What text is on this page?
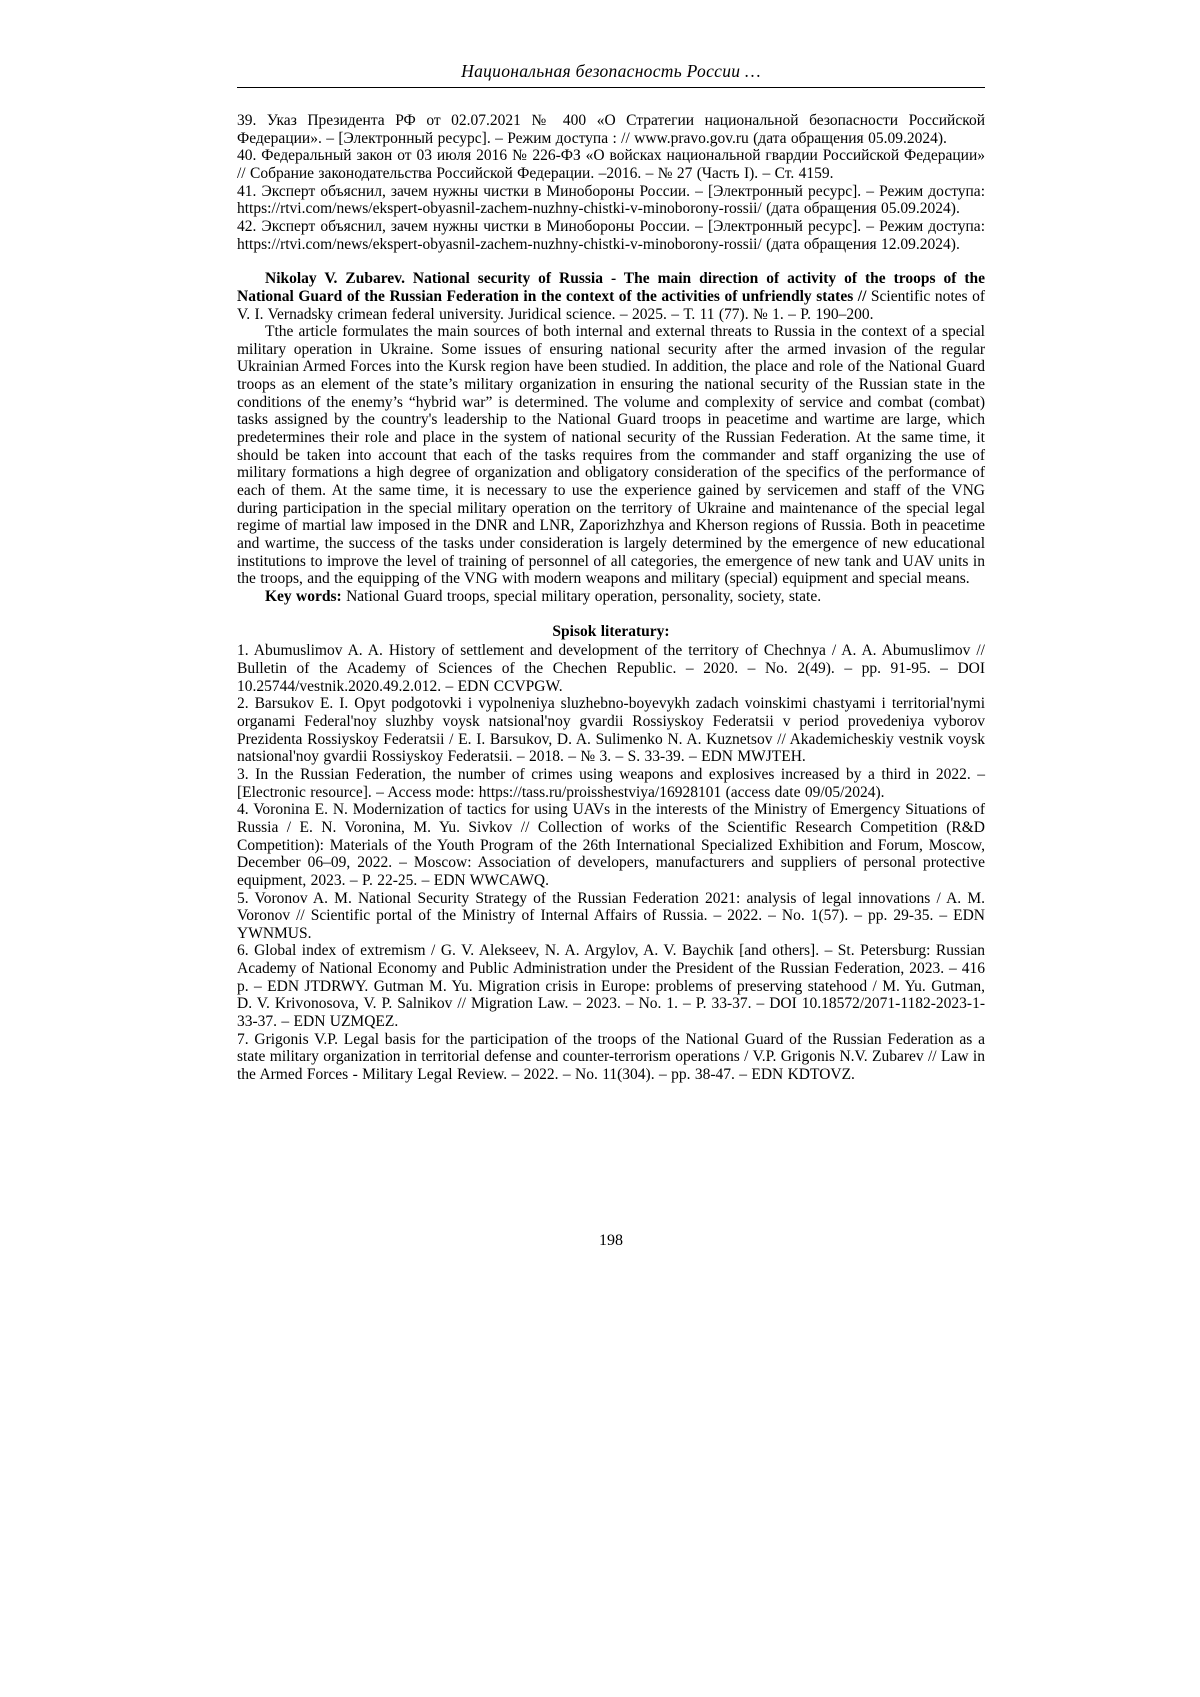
Национальная безопасность России …

39. Указ Президента РФ от 02.07.2021 № 400 «О Стратегии национальной безопасности Российской Федерации». – [Электронный ресурс]. – Режим доступа : // www.pravo.gov.ru (дата обращения 05.09.2024).

40. Федеральный закон от 03 июля 2016 № 226-ФЗ «О войсках национальной гвардии Российской Федерации» // Собрание законодательства Российской Федерации. –2016. – № 27 (Часть I). – Ст. 4159.

41. Эксперт объяснил, зачем нужны чистки в Минобороны России. – [Электронный ресурс]. – Режим доступа: https://rtvi.com/news/ekspert-obyasnil-zachem-nuzhny-chistki-v-minoborony-rossii/ (дата обращения 05.09.2024).

42. Эксперт объяснил, зачем нужны чистки в Минобороны России. – [Электронный ресурс]. – Режим доступа: https://rtvi.com/news/ekspert-obyasnil-zachem-nuzhny-chistki-v-minoborony-rossii/ (дата обращения 12.09.2024).

Nikolay V. Zubarev. National security of Russia - The main direction of activity of the troops of the National Guard of the Russian Federation in the context of the activities of unfriendly states // Scientific notes of V. I. Vernadsky crimean federal university. Juridical science. – 2025. – Т. 11 (77). № 1. – P. 190–200.

Tthe article formulates the main sources of both internal and external threats to Russia in the context of a special military operation in Ukraine. Some issues of ensuring national security after the armed invasion of the regular Ukrainian Armed Forces into the Kursk region have been studied. In addition, the place and role of the National Guard troops as an element of the state’s military organization in ensuring the national security of the Russian state in the conditions of the enemy’s “hybrid war” is determined. The volume and complexity of service and combat (combat) tasks assigned by the country's leadership to the National Guard troops in peacetime and wartime are large, which predetermines their role and place in the system of national security of the Russian Federation. At the same time, it should be taken into account that each of the tasks requires from the commander and staff organizing the use of military formations a high degree of organization and obligatory consideration of the specifics of the performance of each of them. At the same time, it is necessary to use the experience gained by servicemen and staff of the VNG during participation in the special military operation on the territory of Ukraine and maintenance of the special legal regime of martial law imposed in the DNR and LNR, Zaporizhzhya and Kherson regions of Russia. Both in peacetime and wartime, the success of the tasks under consideration is largely determined by the emergence of new educational institutions to improve the level of training of personnel of all categories, the emergence of new tank and UAV units in the troops, and the equipping of the VNG with modern weapons and military (special) equipment and special means.

Key words: National Guard troops, special military operation, personality, society, state.

Spisok literatury:

1. Abumuslimov A. A. History of settlement and development of the territory of Chechnya / A. A. Abumuslimov // Bulletin of the Academy of Sciences of the Chechen Republic. – 2020. – No. 2(49). – pp. 91-95. – DOI 10.25744/vestnik.2020.49.2.012. – EDN CCVPGW.

2. Barsukov E. I. Opyt podgotovki i vypolneniya sluzhebno-boyevykh zadach voinskimi chastyami i territorial'nymi organami Federal'noy sluzhby voysk natsional'noy gvardii Rossiyskoy Federatsii v period provedeniya vyborov Prezidenta Rossiyskoy Federatsii / E. I. Barsukov, D. A. Sulimenko N. A. Kuznetsov // Akademicheskiy vestnik voysk natsional'noy gvardii Rossiyskoy Federatsii. – 2018. – № 3. – S. 33-39. – EDN MWJTEH.

3. In the Russian Federation, the number of crimes using weapons and explosives increased by a third in 2022. – [Electronic resource]. – Access mode: https://tass.ru/proisshestviya/16928101 (access date 09/05/2024).

4. Voronina E. N. Modernization of tactics for using UAVs in the interests of the Ministry of Emergency Situations of Russia / E. N. Voronina, M. Yu. Sivkov // Collection of works of the Scientific Research Competition (R&D Competition): Materials of the Youth Program of the 26th International Specialized Exhibition and Forum, Moscow, December 06–09, 2022. – Moscow: Association of developers, manufacturers and suppliers of personal protective equipment, 2023. – P. 22-25. – EDN WWCAWQ.

5. Voronov A. M. National Security Strategy of the Russian Federation 2021: analysis of legal innovations / A. M. Voronov // Scientific portal of the Ministry of Internal Affairs of Russia. – 2022. – No. 1(57). – pp. 29-35. – EDN YWNMUS.

6. Global index of extremism / G. V. Alekseev, N. A. Argylov, A. V. Baychik [and others]. – St. Petersburg: Russian Academy of National Economy and Public Administration under the President of the Russian Federation, 2023. – 416 p. – EDN JTDRWY. Gutman M. Yu. Migration crisis in Europe: problems of preserving statehood / M. Yu. Gutman, D. V. Krivonosova, V. P. Salnikov // Migration Law. – 2023. – No. 1. – P. 33-37. – DOI 10.18572/2071-1182-2023-1-33-37. – EDN UZMQEZ.

7. Grigonis V.P. Legal basis for the participation of the troops of the National Guard of the Russian Federation as a state military organization in territorial defense and counter-terrorism operations / V.P. Grigonis N.V. Zubarev // Law in the Armed Forces - Military Legal Review. – 2022. – No. 11(304). – pp. 38-47. – EDN KDTOVZ.

198
